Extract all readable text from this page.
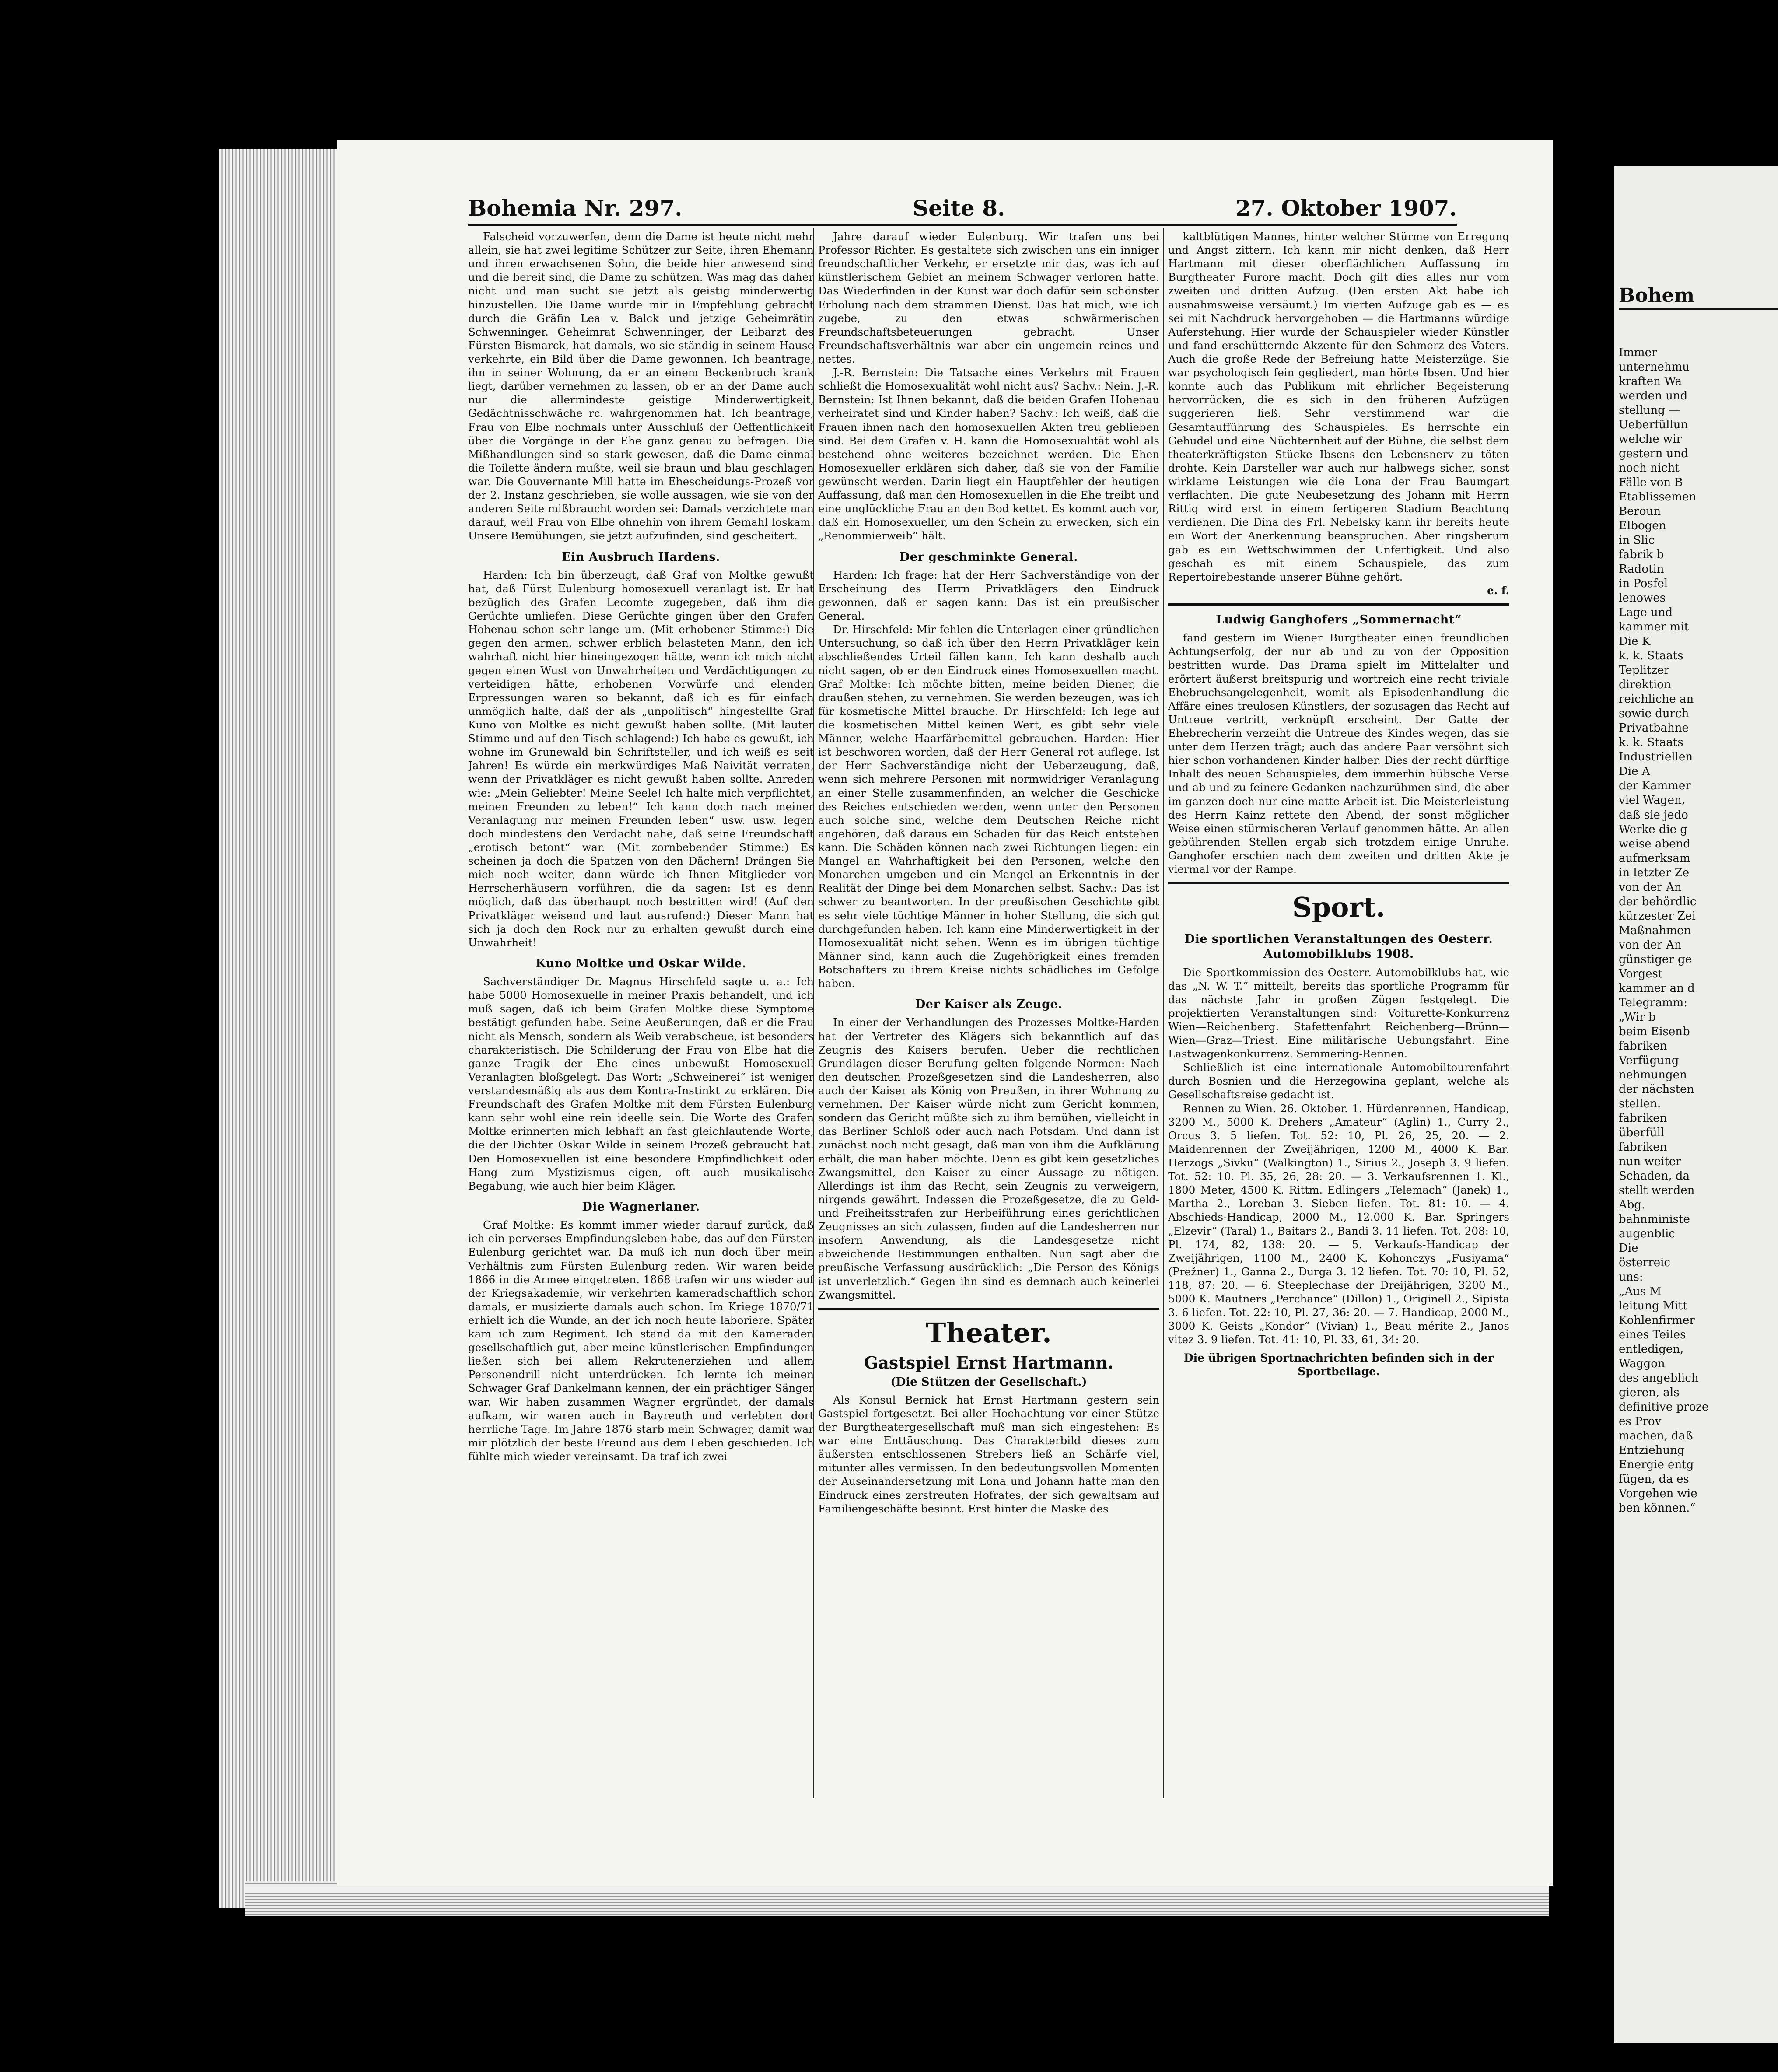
Bohemia Nr. 297.	Seite 8.	27. Oktober 1907.

Falscheid vorzuwerfen, denn die Dame ist heute nicht mehr allein, sie hat zwei legitime Schützer zur Seite, ihren Ehemann und ihren erwachsenen Sohn, die beide hier anwesend sind und die bereit sind, die Dame zu schützen. Was mag das daher nicht und man sucht sie jetzt als geistig minderwertig hinzustellen. Die Dame wurde mir in Empfehlung gebracht durch die Gräfin Lea v. Balck und jetzige Geheimrätin Schwenninger. Geheimrat Schwenninger, der Leibarzt des Fürsten Bismarck, hat damals, wo sie ständig in seinem Hause verkehrte, ein Bild über die Dame gewonnen. Ich beantrage, ihn in seiner Wohnung, da er an einem Beckenbruch krank liegt, darüber vernehmen zu lassen, ob er an der Dame auch nur die allermindeste geistige Minderwertigkeit, Gedächtnisschwäche rc. wahrgenommen hat. Ich beantrage, Frau von Elbe nochmals unter Ausschluß der Oeffentlichkeit über die Vorgänge in der Ehe ganz genau zu befragen. Die Mißhandlungen sind so stark gewesen, daß die Dame einmal die Toilette ändern mußte, weil sie braun und blau geschlagen war. Die Gouvernante Mill hatte im Ehescheidungs-Prozeß vor der 2. Instanz geschrieben, sie wolle aussagen, wie sie von der anderen Seite mißbraucht worden sei: Damals verzichtete man darauf, weil Frau von Elbe ohnehin von ihrem Gemahl loskam. Unsere Bemühungen, sie jetzt aufzufinden, sind gescheitert.

Ein Ausbruch Hardens.

Harden: Ich bin überzeugt, daß Graf von Moltke gewußt hat, daß Fürst Eulenburg homosexuell veranlagt ist. Er hat bezüglich des Grafen Lecomte zugegeben, daß ihm die Gerüchte umliefen. Diese Gerüchte gingen über den Grafen Hohenau schon sehr lange um. (Mit erhobener Stimme:) Die gegen den armen, schwer erblich belasteten Mann, den ich wahrhaft nicht hier hineingezogen hätte, wenn ich mich nicht gegen einen Wust von Unwahrheiten und Verdächtigungen zu verteidigen hätte, erhobenen Vorwürfe und elenden Erpressungen waren so bekannt, daß ich es für einfach unmöglich halte, daß der als „unpolitisch“ hingestellte Graf Kuno von Moltke es nicht gewußt haben sollte. (Mit lauter Stimme und auf den Tisch schlagend:) Ich habe es gewußt, ich wohne im Grunewald bin Schriftsteller, und ich weiß es seit Jahren! Es würde ein merkwürdiges Maß Naivität verraten, wenn der Privatkläger es nicht gewußt haben sollte. Anreden wie: „Mein Geliebter! Meine Seele! Ich halte mich verpflichtet, meinen Freunden zu leben!“ Ich kann doch nach meiner Veranlagung nur meinen Freunden leben“ usw. usw. legen doch mindestens den Verdacht nahe, daß seine Freundschaft „erotisch betont“ war. (Mit zornbebender Stimme:) Es scheinen ja doch die Spatzen von den Dächern! Drängen Sie mich noch weiter, dann würde ich Ihnen Mitglieder von Herrscherhäusern vorführen, die da sagen: Ist es denn möglich, daß das überhaupt noch bestritten wird! (Auf den Privatkläger weisend und laut ausrufend:) Dieser Mann hat sich ja doch den Rock nur zu erhalten gewußt durch eine Unwahrheit!

Kuno Moltke und Oskar Wilde.

Sachverständiger Dr. Magnus Hirschfeld sagte u. a.: Ich habe 5000 Homosexuelle in meiner Praxis behandelt, und ich muß sagen, daß ich beim Grafen Moltke diese Symptome bestätigt gefunden habe. Seine Aeußerungen, daß er die Frau nicht als Mensch, sondern als Weib verabscheue, ist besonders charakteristisch. Die Schilderung der Frau von Elbe hat die ganze Tragik der Ehe eines unbewußt Homosexuell Veranlagten bloßgelegt. Das Wort: „Schweinerei“ ist weniger verstandesmäßig als aus dem Kontra-Instinkt zu erklären. Die Freundschaft des Grafen Moltke mit dem Fürsten Eulenburg kann sehr wohl eine rein ideelle sein. Die Worte des Grafen Moltke erinnerten mich lebhaft an fast gleichlautende Worte, die der Dichter Oskar Wilde in seinem Prozeß gebraucht hat. Den Homosexuellen ist eine besondere Empfindlichkeit oder Hang zum Mystizismus eigen, oft auch musikalische Begabung, wie auch hier beim Kläger.

Die Wagnerianer.

Graf Moltke: Es kommt immer wieder darauf zurück, daß ich ein perverses Empfindungsleben habe, das auf den Fürsten Eulenburg gerichtet war. Da muß ich nun doch über mein Verhältnis zum Fürsten Eulenburg reden. Wir waren beide 1866 in die Armee eingetreten. 1868 trafen wir uns wieder auf der Kriegsakademie, wir verkehrten kameradschaftlich schon damals, er musizierte damals auch schon. Im Kriege 1870/71 erhielt ich die Wunde, an der ich noch heute laboriere. Später kam ich zum Regiment. Ich stand da mit den Kameraden gesellschaftlich gut, aber meine künstlerischen Empfindungen ließen sich bei allem Rekrutenerziehen und allem Personendrill nicht unterdrücken. Ich lernte ich meinen Schwager Graf Dankelmann kennen, der ein prächtiger Sänger war. Wir haben zusammen Wagner ergründet, der damals aufkam, wir waren auch in Bayreuth und verlebten dort herrliche Tage. Im Jahre 1876 starb mein Schwager, damit war mir plötzlich der beste Freund aus dem Leben geschieden. Ich fühlte mich wieder vereinsamt. Da traf ich zwei

Jahre darauf wieder Eulenburg. Wir trafen uns bei Professor Richter. Es gestaltete sich zwischen uns ein inniger freundschaftlicher Verkehr, er ersetzte mir das, was ich auf künstlerischem Gebiet an meinem Schwager verloren hatte. Das Wiederfinden in der Kunst war doch dafür sein schönster Erholung nach dem strammen Dienst. Das hat mich, wie ich zugebe, zu den etwas schwärmerischen Freundschaftsbeteuerungen gebracht. Unser Freundschaftsverhältnis war aber ein ungemein reines und nettes.

J.-R. Bernstein: Die Tatsache eines Verkehrs mit Frauen schließt die Homosexualität wohl nicht aus? Sachv.: Nein. J.-R. Bernstein: Ist Ihnen bekannt, daß die beiden Grafen Hohenau verheiratet sind und Kinder haben? Sachv.: Ich weiß, daß die Frauen ihnen nach den homosexuellen Akten treu geblieben sind. Bei dem Grafen v. H. kann die Homosexualität wohl als bestehend ohne weiteres bezeichnet werden. Die Ehen Homosexueller erklären sich daher, daß sie von der Familie gewünscht werden. Darin liegt ein Hauptfehler der heutigen Auffassung, daß man den Homosexuellen in die Ehe treibt und eine unglückliche Frau an den Bod kettet. Es kommt auch vor, daß ein Homosexueller, um den Schein zu erwecken, sich ein „Renommierweib“ hält.

Der geschminkte General.

Harden: Ich frage: hat der Herr Sachverständige von der Erscheinung des Herrn Privatklägers den Eindruck gewonnen, daß er sagen kann: Das ist ein preußischer General.

Dr. Hirschfeld: Mir fehlen die Unterlagen einer gründlichen Untersuchung, so daß ich über den Herrn Privatkläger kein abschließendes Urteil fällen kann. Ich kann deshalb auch nicht sagen, ob er den Eindruck eines Homosexuellen macht. Graf Moltke: Ich möchte bitten, meine beiden Diener, die draußen stehen, zu vernehmen. Sie werden bezeugen, was ich für kosmetische Mittel brauche. Dr. Hirschfeld: Ich lege auf die kosmetischen Mittel keinen Wert, es gibt sehr viele Männer, welche Haarfärbemittel gebrauchen. Harden: Hier ist beschworen worden, daß der Herr General rot auflege. Ist der Herr Sachverständige nicht der Ueberzeugung, daß, wenn sich mehrere Personen mit normwidriger Veranlagung an einer Stelle zusammenfinden, an welcher die Geschicke des Reiches entschieden werden, wenn unter den Personen auch solche sind, welche dem Deutschen Reiche nicht angehören, daß daraus ein Schaden für das Reich entstehen kann. Die Schäden können nach zwei Richtungen liegen: ein Mangel an Wahrhaftigkeit bei den Personen, welche den Monarchen umgeben und ein Mangel an Erkenntnis in der Realität der Dinge bei dem Monarchen selbst. Sachv.: Das ist schwer zu beantworten. In der preußischen Geschichte gibt es sehr viele tüchtige Männer in hoher Stellung, die sich gut durchgefunden haben. Ich kann eine Minderwertigkeit in der Homosexualität nicht sehen. Wenn es im übrigen tüchtige Männer sind, kann auch die Zugehörigkeit eines fremden Botschafters zu ihrem Kreise nichts schädliches im Gefolge haben.

Der Kaiser als Zeuge.

In einer der Verhandlungen des Prozesses Moltke-Harden hat der Vertreter des Klägers sich bekanntlich auf das Zeugnis des Kaisers berufen. Ueber die rechtlichen Grundlagen dieser Berufung gelten folgende Normen: Nach den deutschen Prozeßgesetzen sind die Landesherren, also auch der Kaiser als König von Preußen, in ihrer Wohnung zu vernehmen. Der Kaiser würde nicht zum Gericht kommen, sondern das Gericht müßte sich zu ihm bemühen, vielleicht in das Berliner Schloß oder auch nach Potsdam. Und dann ist zunächst noch nicht gesagt, daß man von ihm die Aufklärung erhält, die man haben möchte. Denn es gibt kein gesetzliches Zwangsmittel, den Kaiser zu einer Aussage zu nötigen. Allerdings ist ihm das Recht, sein Zeugnis zu verweigern, nirgends gewährt. Indessen die Prozeßgesetze, die zu Geld- und Freiheitsstrafen zur Herbeiführung eines gerichtlichen Zeugnisses an sich zulassen, finden auf die Landesherren nur insofern Anwendung, als die Landesgesetze nicht abweichende Bestimmungen enthalten. Nun sagt aber die preußische Verfassung ausdrücklich: „Die Person des Königs ist unverletzlich.“ Gegen ihn sind es demnach auch keinerlei Zwangsmittel.

Theater.
Gastspiel Ernst Hartmann.
(Die Stützen der Gesellschaft.)

Als Konsul Bernick hat Ernst Hartmann gestern sein Gastspiel fortgesetzt. Bei aller Hochachtung vor einer Stütze der Burgtheatergesellschaft muß man sich eingestehen: Es war eine Enttäuschung. Das Charakterbild dieses zum äußersten entschlossenen Strebers ließ an Schärfe viel, mitunter alles vermissen. In den bedeutungsvollen Momenten der Auseinandersetzung mit Lona und Johann hatte man den Eindruck eines zerstreuten Hofrates, der sich gewaltsam auf Familiengeschäfte besinnt. Erst hinter die Maske des

kaltblütigen Mannes, hinter welcher Stürme von Erregung und Angst zittern. Ich kann mir nicht denken, daß Herr Hartmann mit dieser oberflächlichen Auffassung im Burgtheater Furore macht. Doch gilt dies alles nur vom zweiten und dritten Aufzug. (Den ersten Akt habe ich ausnahmsweise versäumt.) Im vierten Aufzuge gab es — es sei mit Nachdruck hervorgehoben — die Hartmanns würdige Auferstehung. Hier wurde der Schauspieler wieder Künstler und fand erschütternde Akzente für den Schmerz des Vaters. Auch die große Rede der Befreiung hatte Meisterzüge. Sie war psychologisch fein gegliedert, man hörte Ibsen. Und hier konnte auch das Publikum mit ehrlicher Begeisterung hervorrücken, die es sich in den früheren Aufzügen suggerieren ließ. Sehr verstimmend war die Gesamtaufführung des Schauspieles. Es herrschte ein Gehudel und eine Nüchternheit auf der Bühne, die selbst dem theaterkräftigsten Stücke Ibsens den Lebensnerv zu töten drohte. Kein Darsteller war auch nur halbwegs sicher, sonst wirklame Leistungen wie die Lona der Frau Baumgart verflachten. Die gute Neubesetzung des Johann mit Herrn Rittig wird erst in einem fertigeren Stadium Beachtung verdienen. Die Dina des Frl. Nebelsky kann ihr bereits heute ein Wort der Anerkennung beanspruchen. Aber ringsherum gab es ein Wettschwimmen der Unfertigkeit. Und also geschah es mit einem Schauspiele, das zum Repertoirebestande unserer Bühne gehört.

e. f.
Ludwig Ganghofers „Sommernacht“

fand gestern im Wiener Burgtheater einen freundlichen Achtungserfolg, der nur ab und zu von der Opposition bestritten wurde. Das Drama spielt im Mittelalter und erörtert äußerst breitspurig und wortreich eine recht triviale Ehebruchsangelegenheit, womit als Episodenhandlung die Affäre eines treulosen Künstlers, der sozusagen das Recht auf Untreue vertritt, verknüpft erscheint. Der Gatte der Ehebrecherin verzeiht die Untreue des Kindes wegen, das sie unter dem Herzen trägt; auch das andere Paar versöhnt sich hier schon vorhandenen Kinder halber. Dies der recht dürftige Inhalt des neuen Schauspieles, dem immerhin hübsche Verse und ab und zu feinere Gedanken nachzurühmen sind, die aber im ganzen doch nur eine matte Arbeit ist. Die Meisterleistung des Herrn Kainz rettete den Abend, der sonst möglicher Weise einen stürmischeren Verlauf genommen hätte. An allen gebührenden Stellen ergab sich trotzdem einige Unruhe. Ganghofer erschien nach dem zweiten und dritten Akte je viermal vor der Rampe.

Sport.
Die sportlichen Veranstaltungen des Oesterr. Automobilklubs 1908.

Die Sportkommission des Oesterr. Automobilklubs hat, wie das „N. W. T.“ mitteilt, bereits das sportliche Programm für das nächste Jahr in großen Zügen festgelegt. Die projektierten Veranstaltungen sind: Voiturette-Konkurrenz Wien—Reichenberg. Stafettenfahrt Reichenberg—Brünn—Wien—Graz—Triest. Eine militärische Uebungsfahrt. Eine Lastwagenkonkurrenz. Semmering-Rennen.

Schließlich ist eine internationale Automobiltourenfahrt durch Bosnien und die Herzegowina geplant, welche als Gesellschaftsreise gedacht ist.

Rennen zu Wien. 26. Oktober. 1. Hürdenrennen, Handicap, 3200 M., 5000 K. Drehers „Amateur“ (Aglin) 1., Curry 2., Orcus 3. 5 liefen. Tot. 52: 10, Pl. 26, 25, 20. — 2. Maidenrennen der Zweijährigen, 1200 M., 4000 K. Bar. Herzogs „Sivku“ (Walkington) 1., Sirius 2., Joseph 3. 9 liefen. Tot. 52: 10. Pl. 35, 26, 28: 20. — 3. Verkaufsrennen 1. Kl., 1800 Meter, 4500 K. Rittm. Edlingers „Telemach“ (Janek) 1., Martha 2., Loreban 3. Sieben liefen. Tot. 81: 10. — 4. Abschieds-Handicap, 2000 M., 12.000 K. Bar. Springers „Elzevir“ (Taral) 1., Baitars 2., Bandi 3. 11 liefen. Tot. 208: 10, Pl. 174, 82, 138: 20. — 5. Verkaufs-Handicap der Zweijährigen, 1100 M., 2400 K. Kohonczys „Fusiyama“ (Prežner) 1., Ganna 2., Durga 3. 12 liefen. Tot. 70: 10, Pl. 52, 118, 87: 20. — 6. Steeplechase der Dreijährigen, 3200 M., 5000 K. Mautners „Perchance“ (Dillon) 1., Originell 2., Sipista 3. 6 liefen. Tot. 22: 10, Pl. 27, 36: 20. — 7. Handicap, 2000 M., 3000 K. Geists „Kondor“ (Vivian) 1., Beau mérite 2., Janos vitez 3. 9 liefen. Tot. 41: 10, Pl. 33, 61, 34: 20.

Die übrigen Sportnachrichten befinden sich in der Sportbeilage.
Bohem
Immer
unternehmu
kraften Wa
werden und
stellung —
Ueberfüllun
welche wir
gestern und
noch nicht
Fälle von B
Etablissemen
Beroun
Elbogen
in Slic
fabrik b
Radotin
in Posfel
lenowes
Lage und
kammer mit
Die K
k. k. Staats
Teplitzer
direktion
reichliche an
sowie durch
Privatbahne
k. k. Staats
Industriellen
Die A
der Kammer
viel Wagen,
daß sie jedo
Werke die g
weise abend
aufmerksam
in letzter Ze
von der An
der behördlic
kürzester Zei
Maßnahmen
von der An
günstiger ge
Vorgest
kammer an d
Telegramm:
„Wir b
beim Eisenb
fabriken
Verfügung
nehmungen
der nächsten
stellen.
fabriken
überfüll
fabriken
nun weiter
Schaden, da
stellt werden
Abg.
bahnministe
augenblic
Die
österreic
uns:
„Aus M
leitung Mitt
Kohlenfirmer
eines Teiles
entledigen,
Waggon
des angeblich
gieren, als
definitive proze
es Prov
machen, daß
Entziehung
Energie entg
fügen, da es
Vorgehen wie
ben können.“
